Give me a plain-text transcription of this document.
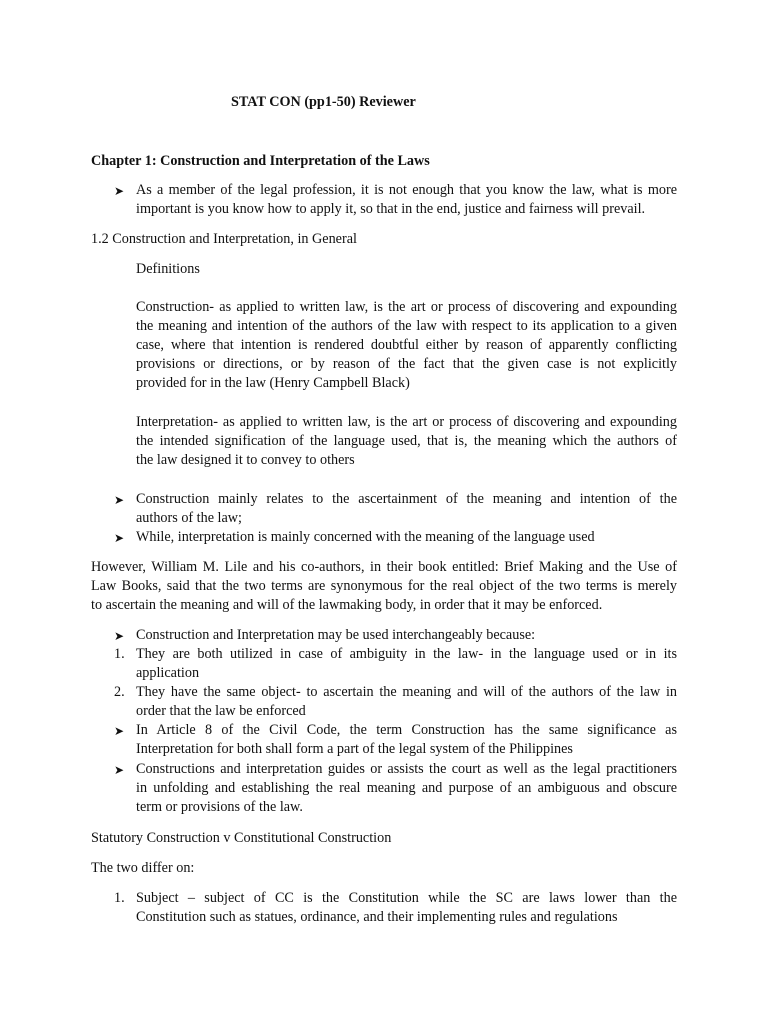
STAT CON (pp1-50) Reviewer
Chapter 1: Construction and Interpretation of the Laws
➤ As a member of the legal profession, it is not enough that you know the law, what is more
important is you know how to apply it, so that in the end, justice and fairness will prevail.
1.2 Construction and Interpretation, in General
Definitions
Construction- as applied to written law, is the art or process of discovering and expounding
the meaning and intention of the authors of the law with respect to its application to a given
case, where that intention is rendered doubtful either by reason of apparently conflicting
provisions or directions, or by reason of the fact that the given case is not explicitly
provided for in the law (Henry Campbell Black)
Interpretation- as applied to written law, is the art or process of discovering and expounding
the intended signification of the language used, that is, the meaning which the authors of
the law designed it to convey to others
➤ Construction mainly relates to the ascertainment of the meaning and intention of the
authors of the law;
➤ While, interpretation is mainly concerned with the meaning of the language used
However, William M. Lile and his co-authors, in their book entitled: Brief Making and the Use of
Law Books, said that the two terms are synonymous for the real object of the two terms is merely
to ascertain the meaning and will of the lawmaking body, in order that it may be enforced.
➤ Construction and Interpretation may be used interchangeably because:
1. They are both utilized in case of ambiguity in the law- in the language used or in its
application
2. They have the same object- to ascertain the meaning and will of the authors of the law in
order that the law be enforced
➤ In Article 8 of the Civil Code, the term Construction has the same significance as
Interpretation for both shall form a part of the legal system of the Philippines
➤ Constructions and interpretation guides or assists the court as well as the legal practitioners
in unfolding and establishing the real meaning and purpose of an ambiguous and obscure
term or provisions of the law.
Statutory Construction v Constitutional Construction
The two differ on:
1. Subject – subject of CC is the Constitution while the SC are laws lower than the
Constitution such as statues, ordinance, and their implementing rules and regulations
